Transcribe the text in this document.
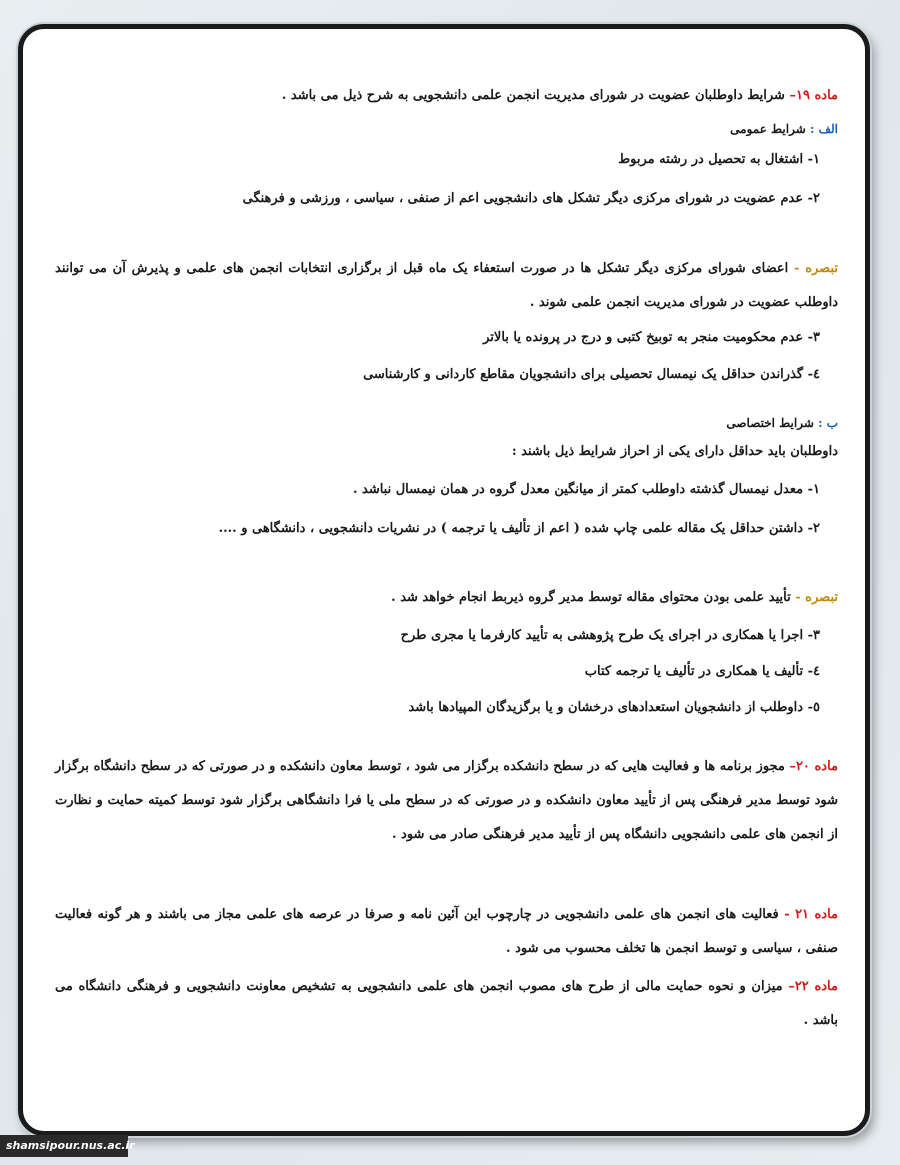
ماده ۱۹– شرایط داوطلبان عضویت در شورای مدیریت انجمن علمی دانشجویی به شرح ذیل می باشد .
الف : شرایط عمومی
۱- اشتغال به تحصیل در رشته مربوط
۲- عدم عضویت در شورای مرکزی دیگر تشکل های دانشجویی اعم از صنفی ، سیاسی ، ورزشی و فرهنگی
تبصره - اعضای شورای مرکزی دیگر تشکل ها در صورت استعفاء یک ماه قبل از برگزاری انتخابات انجمن های علمی و پذیرش آن می توانند داوطلب عضویت در شورای مدیریت انجمن علمی شوند .
۳- عدم محکومیت منجر به توبیخ کتبی و درج در پرونده یا بالاتر
٤- گذراندن حداقل یک نیمسال تحصیلی برای دانشجویان مقاطع کاردانی و کارشناسی
ب : شرایط اختصاصی
داوطلبان باید حداقل دارای یکی از احراز شرایط ذیل باشند :
۱- معدل نیمسال گذشته داوطلب کمتر از میانگین معدل گروه در همان نیمسال نباشد .
۲- داشتن حداقل یک مقاله علمی چاپ شده ( اعم از تألیف یا ترجمه ) در نشریات دانشجویی ، دانشگاهی و ....
تبصره - تأیید علمی بودن محتوای مقاله توسط مدیر گروه ذیربط انجام خواهد شد .
۳- اجرا یا همکاری در اجرای یک طرح پژوهشی به تأیید کارفرما یا مجری طرح
٤- تألیف یا همکاری در تألیف یا ترجمه کتاب
٥- داوطلب از دانشجویان استعدادهای درخشان و یا برگزیدگان المپیادها باشد
ماده ۲۰– مجوز برنامه ها و فعالیت هایی که در سطح دانشکده برگزار می شود ، توسط معاون دانشکده و در صورتی که در سطح دانشگاه برگزار شود توسط مدیر فرهنگی پس از تأیید معاون دانشکده و در صورتی که در سطح ملی یا فرا دانشگاهی برگزار شود توسط کمیته حمایت و نظارت از انجمن های علمی دانشجویی دانشگاه پس از تأیید مدیر فرهنگی صادر می شود .
ماده ۲۱ - فعالیت های انجمن های علمی دانشجویی در چارچوب این آئین نامه و صرفا در عرصه های علمی مجاز می باشند و هر گونه فعالیت صنفی ، سیاسی و توسط انجمن ها تخلف محسوب می شود .
ماده ۲۲– میزان و نحوه حمایت مالی از طرح های مصوب انجمن های علمی دانشجویی به تشخیص معاونت دانشجویی و فرهنگی دانشگاه می باشد .
shamsipour.nus.ac.ir
